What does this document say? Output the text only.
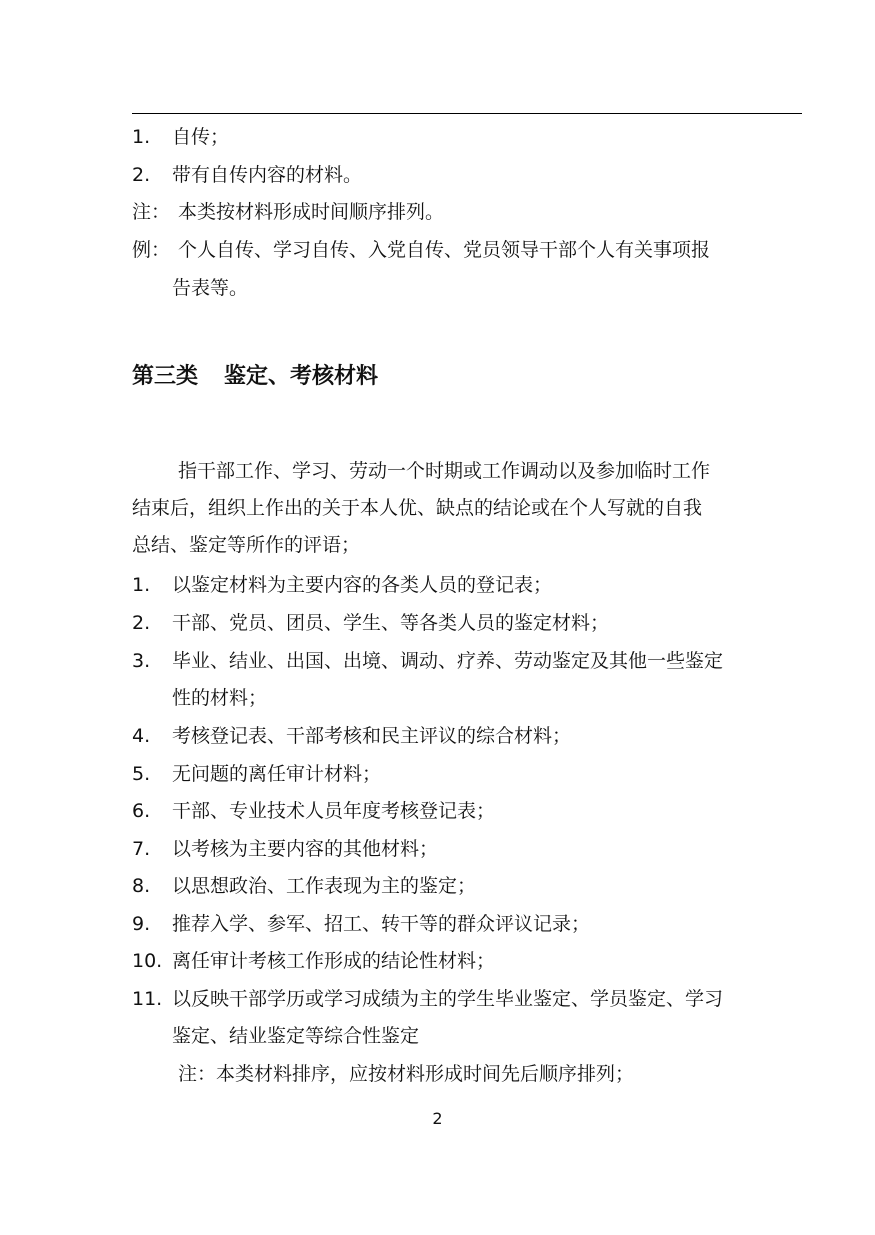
1. 自传；
2. 带有自传内容的材料。
注： 本类按材料形成时间顺序排列。
例： 个人自传、学习自传、入党自传、党员领导干部个人有关事项报
告表等。
第三类 鉴定、考核材料
指干部工作、学习、劳动一个时期或工作调动以及参加临时工作
结束后，组织上作出的关于本人优、缺点的结论或在个人写就的自我
总结、鉴定等所作的评语；
1. 以鉴定材料为主要内容的各类人员的登记表；
2. 干部、党员、团员、学生、等各类人员的鉴定材料；
3. 毕业、结业、出国、出境、调动、疗养、劳动鉴定及其他一些鉴定
性的材料；
4. 考核登记表、干部考核和民主评议的综合材料；
5. 无问题的离任审计材料；
6. 干部、专业技术人员年度考核登记表；
7. 以考核为主要内容的其他材料；
8. 以思想政治、工作表现为主的鉴定；
9. 推荐入学、参军、招工、转干等的群众评议记录；
10. 离任审计考核工作形成的结论性材料；
11. 以反映干部学历或学习成绩为主的学生毕业鉴定、学员鉴定、学习
鉴定、结业鉴定等综合性鉴定
注：本类材料排序，应按材料形成时间先后顺序排列；
2
